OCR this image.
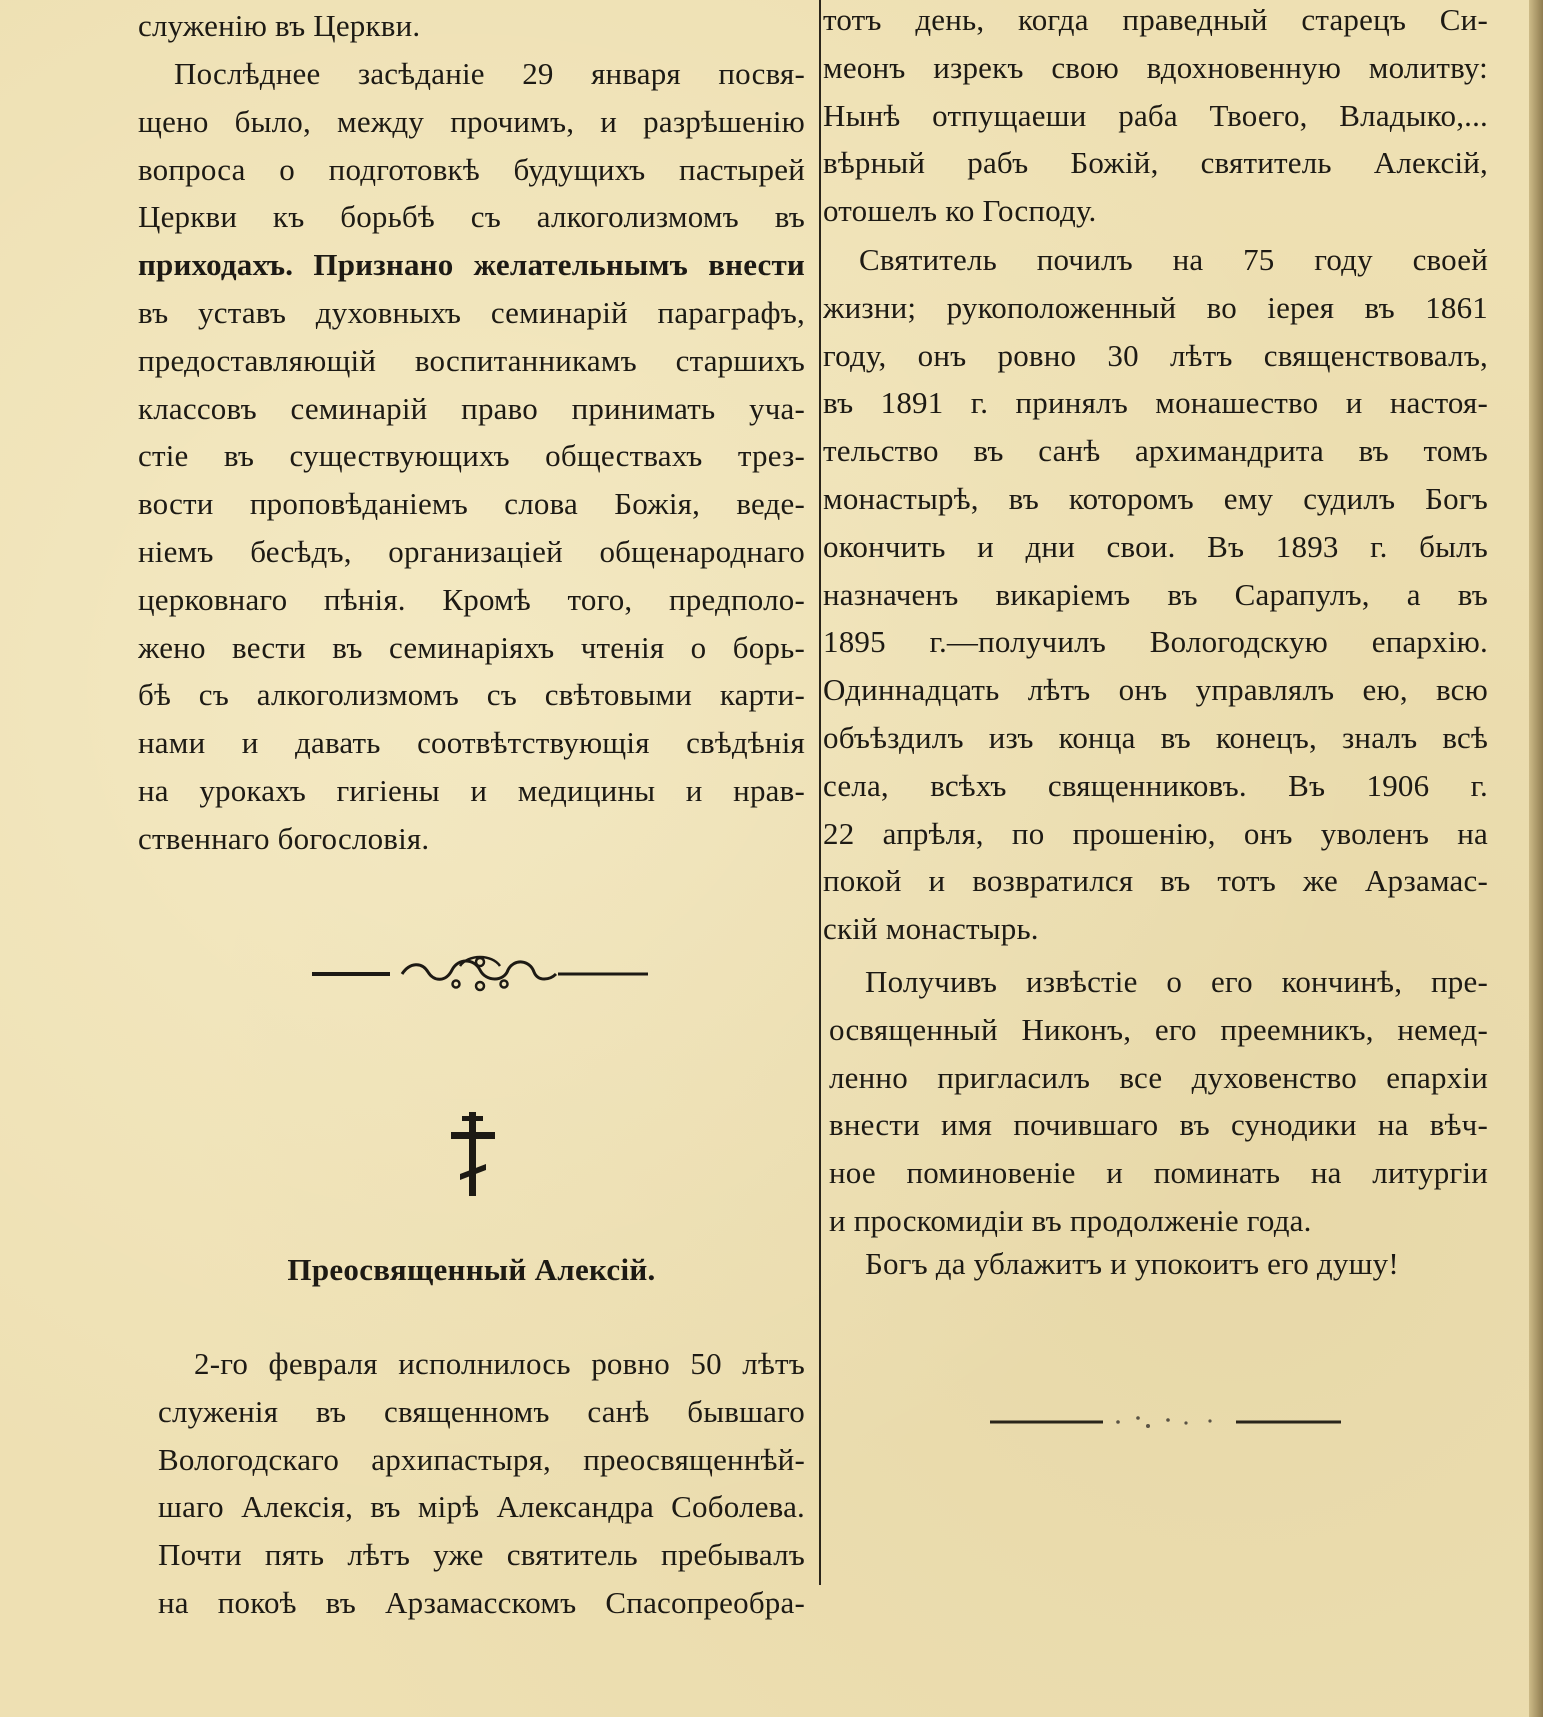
служенію въ Церкви.
Послѣднее засѣданіе 29 января посвя-
щено было, между прочимъ, и разрѣшенію
вопроса о подготовкѣ будущихъ пастырей
Церкви къ борьбѣ съ алкоголизмомъ въ
приходахъ. Признано желательнымъ внести
въ уставъ духовныхъ семинарій параграфъ,
предоставляющій воспитанникамъ старшихъ
классовъ семинарій право принимать уча-
стіе въ существующихъ обществахъ трез-
вости проповѣданіемъ слова Божія, веде-
ніемъ бесѣдъ, организаціей общенароднаго
церковнаго пѣнія. Кромѣ того, предполо-
жено вести въ семинаріяхъ чтенія о борь-
бѣ съ алкоголизмомъ съ свѣтовыми карти-
нами и давать соотвѣтствующія свѣдѣнія
на урокахъ гигіены и медицины и нрав-
ственнаго богословія.
2-го февраля исполнилось ровно 50 лѣтъ
служенія въ священномъ санѣ бывшаго
Вологодскаго архипастыря, преосвященнѣй-
шаго Алексія, въ мірѣ Александра Соболева.
Почти пять лѣтъ уже святитель пребывалъ
на покоѣ въ Арзамасскомъ Спасопреобра-
Преосвященный Алексій.
тотъ день, когда праведный старецъ Си-
меонъ изрекъ свою вдохновенную молитву:
Нынѣ отпущаеши раба Твоего, Владыко,...
вѣрный рабъ Божій, святитель Алексій,
отошелъ ко Господу.
Святитель почилъ на 75 году своей
жизни; рукоположенный во іерея въ 1861
году, онъ ровно 30 лѣтъ священствовалъ,
въ 1891 г. принялъ монашество и настоя-
тельство въ санѣ архимандрита въ томъ
монастырѣ, въ которомъ ему судилъ Богъ
окончить и дни свои. Въ 1893 г. былъ
назначенъ викаріемъ въ Сарапулъ, а въ
1895 г.—получилъ Вологодскую епархію.
Одиннадцать лѣтъ онъ управлялъ ею, всю
объѣздилъ изъ конца въ конецъ, зналъ всѣ
села, всѣхъ священниковъ. Въ 1906 г.
22 апрѣля, по прошенію, онъ уволенъ на
покой и возвратился въ тотъ же Арзамас-
скій монастырь.
Получивъ извѣстіе о его кончинѣ, пре-
освященный Никонъ, его преемникъ, немед-
ленно пригласилъ все духовенство епархіи
внести имя почившаго въ сунодики на вѣч-
ное поминовеніе и поминать на литургіи
и проскомидіи въ продолженіе года.
Богъ да ублажитъ и упокоитъ его душу!
